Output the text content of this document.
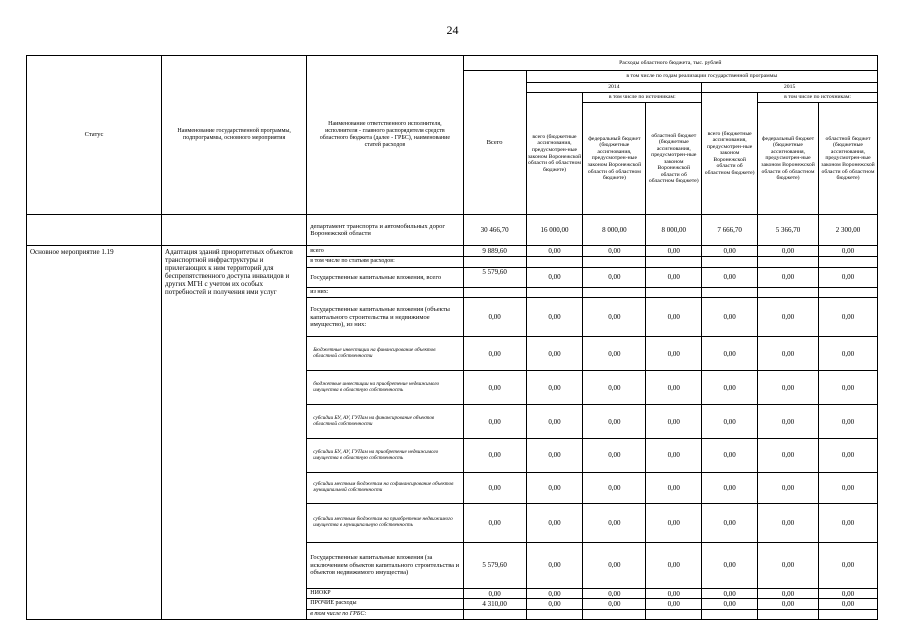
24
Статус	Наименование государственной программы, подпрограммы, основного мероприятия	Наименование ответственного исполнителя, исполнителя - главного распорядителя средств областного бюджета (далее - ГРБС), наименование статей расходов	Расходы областного бюджета, тыс. рублей						
			Всего	в том числе по годам реализации государственной программы					
				2014			2015		
				всего (бюджетные ассигнования, предусмотрен-ные законом Воронежской области об областном бюджете)	в том числе по источникам:		всего (бюджетные ассигнования, предусмотрен-ные законом Воронежской области об областном бюджете)	в том числе по источникам:	
					федеральный бюджет (бюджетные ассигнования, предусмотрен-ные законом Воронежской области об областном бюджете)	областной бюджет (бюджетные ассигнования, предусмотрен-ные законом Воронежской области об областном бюджете)		федеральный бюджет (бюджетные ассигнования, предусмотрен-ные законом Воронежской области об областном бюджете)	областной бюджет (бюджетные ассигнования, предусмотрен-ные законом Воронежской области об областном бюджете)

		департамент транспорта и автомобильных дорог Воронежской области	30 466,70	16 000,00	8 000,00	8 000,00	7 666,70	5 366,70	2 300,00
Основное мероприятие 1.19	Адаптация зданий приоритетных объектов транспортной инфраструктуры и прилегающих к ним территорий для беспрепятственного доступа инвалидов и других МГН с учетом их особых потребностей и получения ими услуг	всего	9 889,60	0,00	0,00	0,00	0,00	0,00	0,00
		в том числе по статьям расходов:							
		Государственные капитальные вложения, всего	5 579,60	0,00	0,00	0,00	0,00	0,00	0,00
		из них:							
		Государственные капитальные вложения (объекты капитального строительства и недвижимое имущество), из них:	0,00	0,00	0,00	0,00	0,00	0,00	0,00
		Бюджетные инвестиции на финансирование объектов областной собственности	0,00	0,00	0,00	0,00	0,00	0,00	0,00
		бюджетные инвестиции на приобретение недвижимого имущества в областную собственность	0,00	0,00	0,00	0,00	0,00	0,00	0,00
		субсидии БУ, АУ, ГУПам на финансирование объектов областной собственности	0,00	0,00	0,00	0,00	0,00	0,00	0,00
		субсидии БУ, АУ, ГУПам на приобретение недвижимого имущества в областную собственность	0,00	0,00	0,00	0,00	0,00	0,00	0,00
		субсидии местным бюджетам на софинансирование объектов муниципальной собственности	0,00	0,00	0,00	0,00	0,00	0,00	0,00
		субсидии местным бюджетам на приобретение недвижимого имущества в муниципальную собственность	0,00	0,00	0,00	0,00	0,00	0,00	0,00
		Государственные капитальные вложения (за исключением объектов капитального строительства и объектов недвижимого имущества)	5 579,60	0,00	0,00	0,00	0,00	0,00	0,00
		НИОКР	0,00	0,00	0,00	0,00	0,00	0,00	0,00
		ПРОЧИЕ расходы	4 310,00	0,00	0,00	0,00	0,00	0,00	0,00
		в том числе по ГРБС:							
